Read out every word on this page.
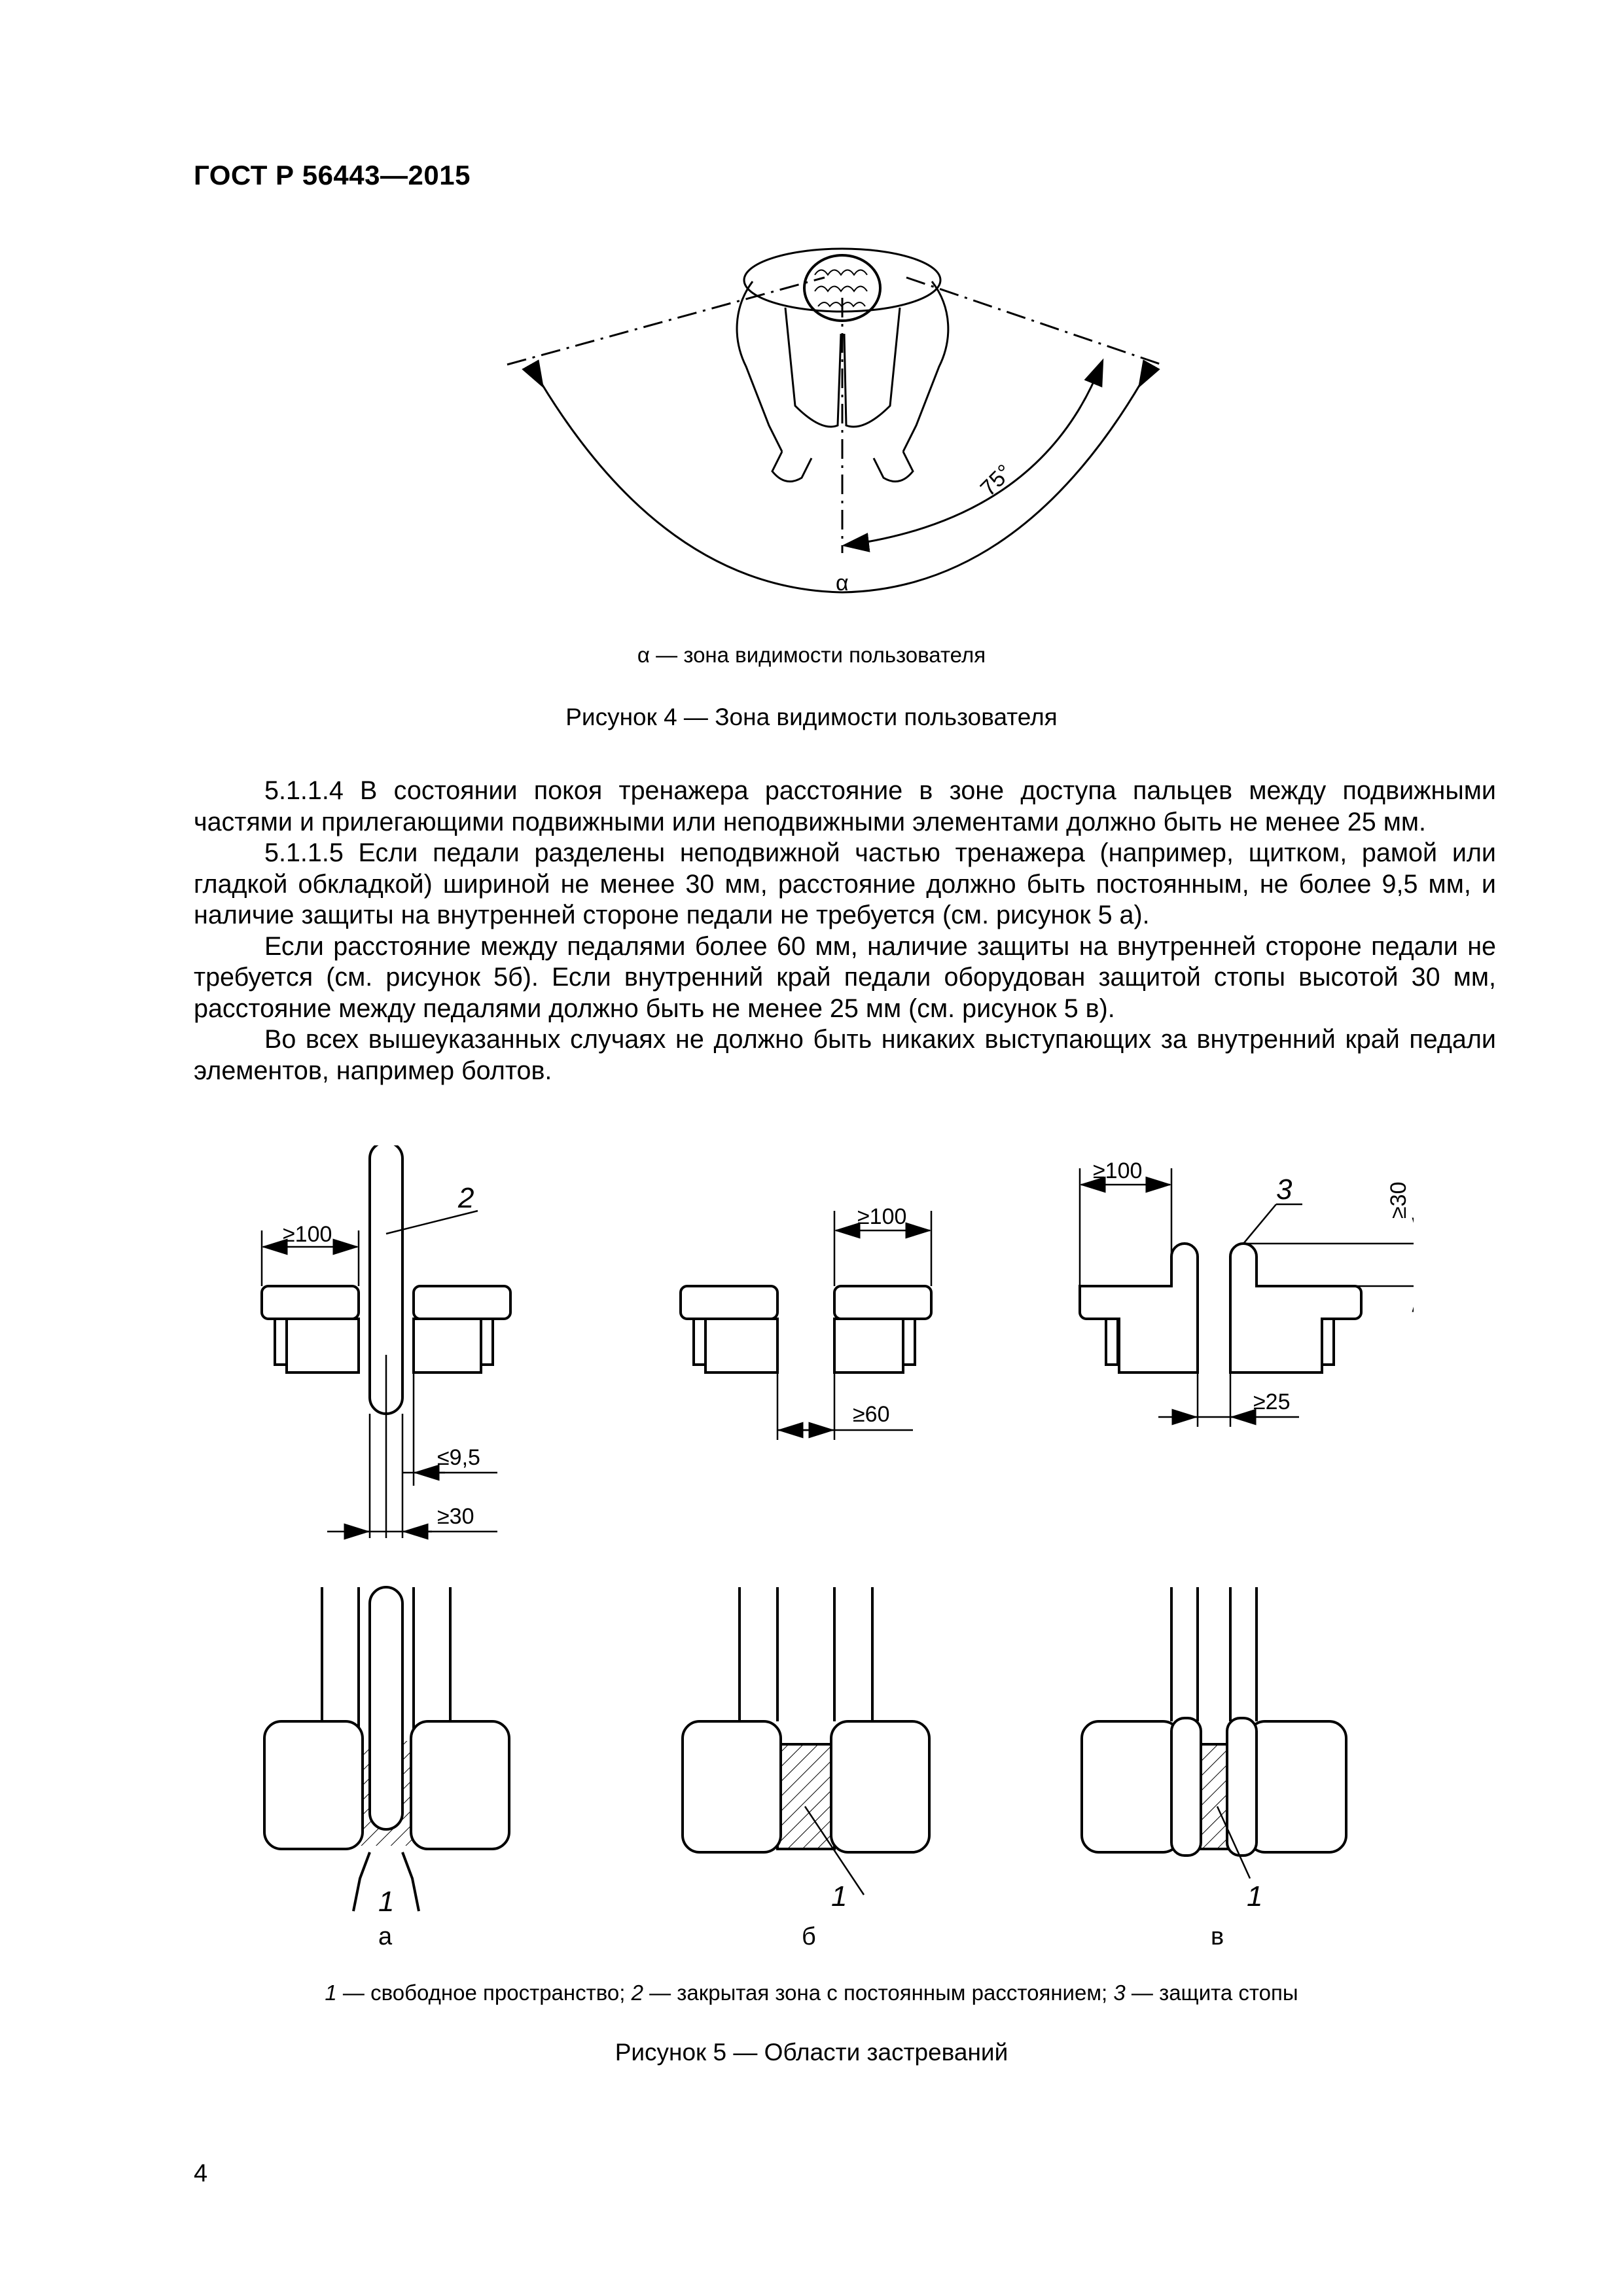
ГОСТ Р 56443—2015
75°
α
α — зона видимости пользователя
Рисунок 4 — Зона видимости пользователя

5.1.1.4 В состоянии покоя тренажера расстояние в зоне доступа пальцев между подвижными частями и прилегающими подвижными или неподвижными элементами должно быть не менее 25 мм.

5.1.1.5 Если педали разделены неподвижной частью тренажера (например, щитком, рамой или гладкой обкладкой) шириной не менее 30 мм, расстояние должно быть постоянным, не более 9,5 мм, и наличие защиты на внутренней стороне педали не требуется (см. рисунок 5 а).

Если расстояние между педалями более 60 мм, наличие защиты на внутренней стороне педали не требуется (см. рисунок 5б). Если внутренний край педали оборудован защитой стопы высотой 30 мм, расстояние между педалями должно быть не менее 25 мм (см. рисунок 5 в).

Во всех вышеуказанных случаях не должно быть никаких выступающих за внутренний край педали элементов, например болтов.

≥100
≤9,5
≥30
≥100
≥60
≥100
≥30
≥25
2	3
1	1	1
а	б	в
1 — свободное пространство; 2 — закрытая зона с постоянным расстоянием; 3 — защита стопы
Рисунок 5 — Области застреваний
4
